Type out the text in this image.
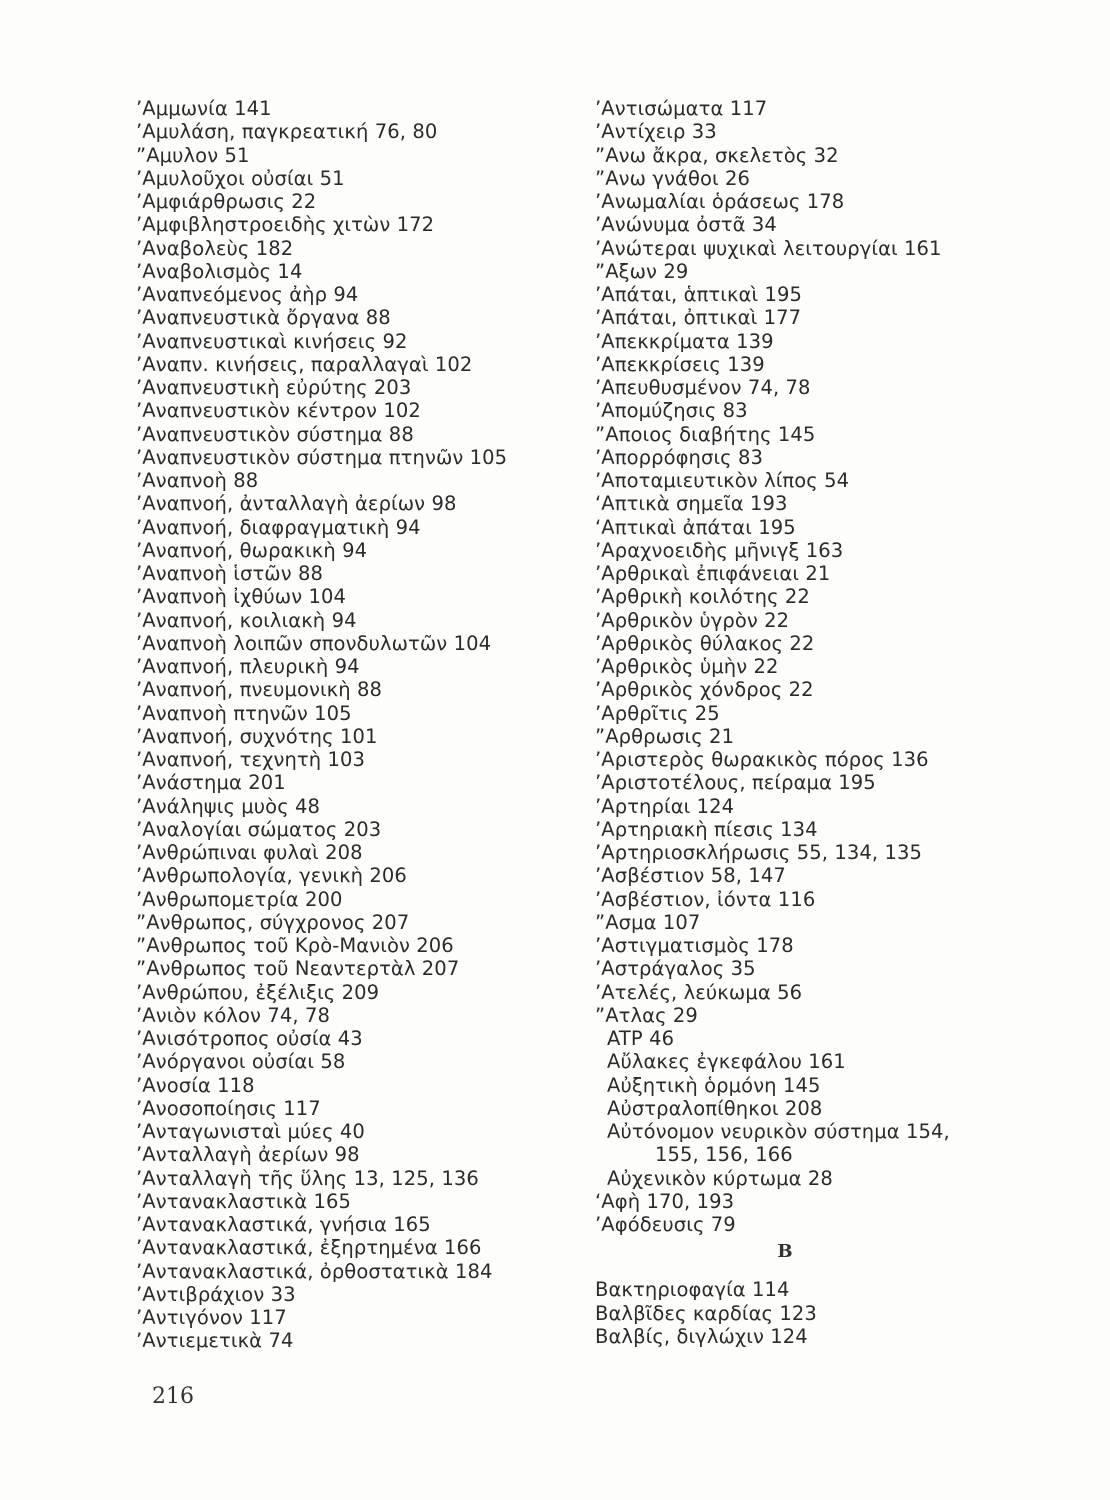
’Αμμωνία 141
’Αμυλάση, παγκρεατική 76, 80
”Αμυλον 51
’Αμυλοῦχοι οὐσίαι 51
’Αμφιάρθρωσις 22
’Αμφιβληστροειδὴς χιτὼν 172
’Αναβολεὺς 182
’Αναβολισμὸς 14
’Αναπνεόμενος ἀὴρ 94
’Αναπνευστικὰ ὄργανα 88
’Αναπνευστικαὶ κινήσεις 92
’Αναπν. κινήσεις, παραλλαγαὶ 102
’Αναπνευστικὴ εὐρύτης 203
’Αναπνευστικὸν κέντρον 102
’Αναπνευστικὸν σύστημα 88
’Αναπνευστικὸν σύστημα πτηνῶν 105
’Αναπνοὴ 88
’Αναπνοή, ἀνταλλαγὴ ἀερίων 98
’Αναπνοή, διαφραγματικὴ 94
’Αναπνοή, θωρακικὴ 94
’Αναπνοὴ ἱστῶν 88
’Αναπνοὴ ἰχθύων 104
’Αναπνοή, κοιλιακὴ 94
’Αναπνοὴ λοιπῶν σπονδυλωτῶν 104
’Αναπνοή, πλευρικὴ 94
’Αναπνοή, πνευμονικὴ 88
’Αναπνοὴ πτηνῶν 105
’Αναπνοή, συχνότης 101
’Αναπνοή, τεχνητὴ 103
’Ανάστημα 201
’Ανάληψις μυὸς 48
’Αναλογίαι σώματος 203
’Ανθρώπιναι φυλαὶ 208
’Ανθρωπολογία, γενικὴ 206
’Ανθρωπομετρία 200
”Ανθρωπος, σύγχρονος 207
”Ανθρωπος τοῦ Κρὸ-Μανιὸν 206
”Ανθρωπος τοῦ Νεαντερτὰλ 207
’Ανθρώπου, ἐξέλιξις 209
’Ανιὸν κόλον 74, 78
’Ανισότροπος οὐσία 43
’Ανόργανοι οὐσίαι 58
’Ανοσία 118
’Ανοσοποίησις 117
’Ανταγωνισταὶ μύες 40
’Ανταλλαγὴ ἀερίων 98
’Ανταλλαγὴ τῆς ὕλης 13, 125, 136
’Αντανακλαστικὰ 165
’Αντανακλαστικά, γνήσια 165
’Αντανακλαστικά, ἐξηρτημένα 166
’Αντανακλαστικά, ὀρθοστατικὰ 184
’Αντιβράχιον 33
’Αντιγόνον 117
’Αντιεμετικὰ 74
’Αντισώματα 117
’Αντίχειρ 33
”Ανω ἄκρα, σκελετὸς 32
”Ανω γνάθοι 26
’Ανωμαλίαι ὁράσεως 178
’Ανώνυμα ὀστᾶ 34
’Ανώτεραι ψυχικαὶ λειτουργίαι 161
”Αξων 29
’Απάται, ἁπτικαὶ 195
’Απάται, ὀπτικαὶ 177
’Απεκκρίματα 139
’Απεκκρίσεις 139
’Απευθυσμένον 74, 78
’Απομύζησις 83
”Αποιος διαβήτης 145
’Απορρόφησις 83
’Αποταμιευτικὸν λίπος 54
‘Απτικὰ σημεῖα 193
‘Απτικαὶ ἀπάται 195
’Αραχνοειδὴς μῆνιγξ 163
’Αρθρικαὶ ἐπιφάνειαι 21
’Αρθρικὴ κοιλότης 22
’Αρθρικὸν ὑγρὸν 22
’Αρθρικὸς θύλακος 22
’Αρθρικὸς ὑμὴν 22
’Αρθρικὸς χόνδρος 22
’Αρθρῖτις 25
”Αρθρωσις 21
’Αριστερὸς θωρακικὸς πόρος 136
’Αριστοτέλους, πείραμα 195
’Αρτηρίαι 124
’Αρτηριακὴ πίεσις 134
’Αρτηριοσκλήρωσις 55, 134, 135
’Ασβέστιον 58, 147
’Ασβέστιον, ἰόντα 116
”Ασμα 107
’Αστιγματισμὸς 178
’Αστράγαλος 35
’Ατελές, λεύκωμα 56
”Ατλας 29
ATP 46
Αὔλακες ἐγκεφάλου 161
Αὐξητικὴ ὁρμόνη 145
Αὐστραλοπίθηκοι 208
Αὐτόνομον νευρικὸν σύστημα 154,
155, 156, 166
Αὐχενικὸν κύρτωμα 28
‘Αφὴ 170, 193
’Αφόδευσις 79
Β
Βακτηριοφαγία 114
Βαλβῖδες καρδίας 123
Βαλβίς, διγλώχιν 124
216
